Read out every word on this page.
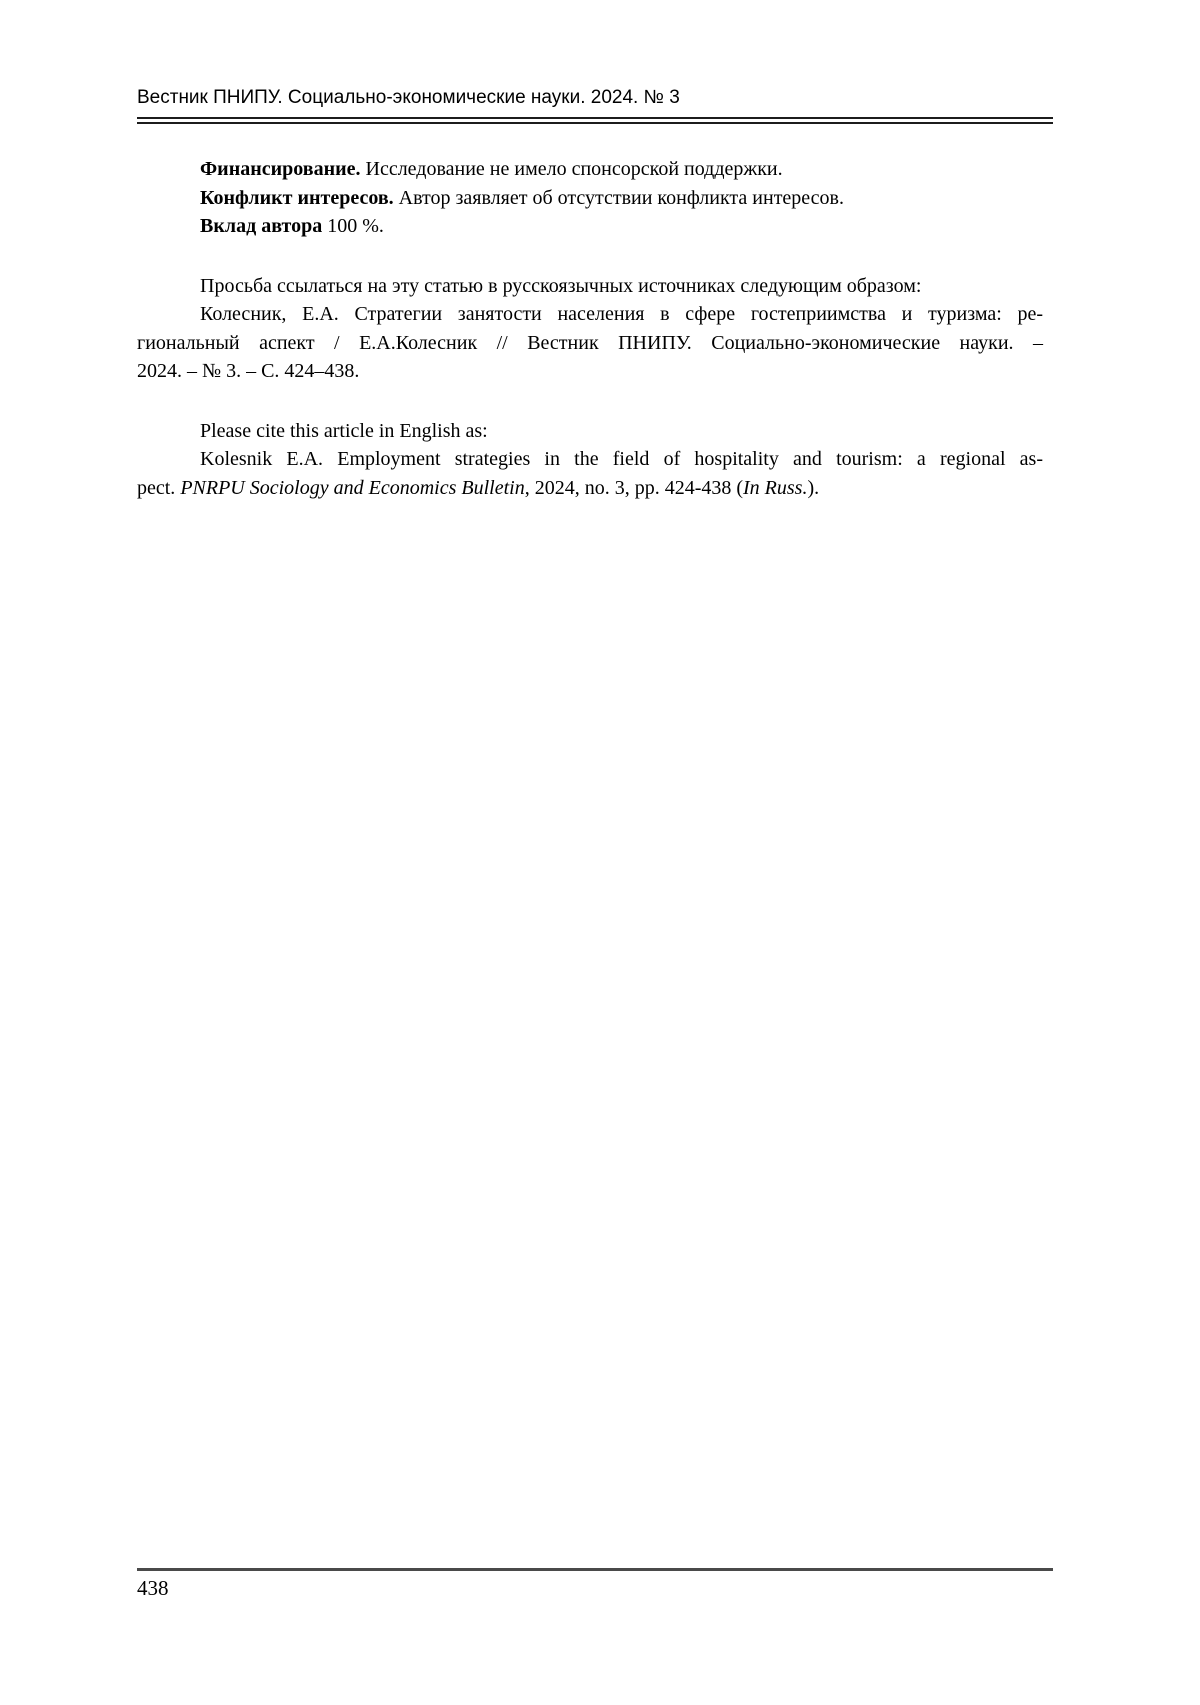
Вестник ПНИПУ. Социально-экономические науки. 2024. № 3
Финансирование. Исследование не имело спонсорской поддержки.
Конфликт интересов. Автор заявляет об отсутствии конфликта интересов.
Вклад автора 100 %.
Просьба ссылаться на эту статью в русскоязычных источниках следующим образом:
Колесник, Е.А. Стратегии занятости населения в сфере гостеприимства и туризма: ре-
гиональный аспект / Е.А.Колесник // Вестник ПНИПУ. Социально-экономические науки. –
2024. – № 3. – С. 424–438.
Please cite this article in English as:
Kolesnik E.A. Employment strategies in the field of hospitality and tourism: a regional as-
pect. PNRPU Sociology and Economics Bulletin, 2024, no. 3, pp. 424-438 (In Russ.).
438
